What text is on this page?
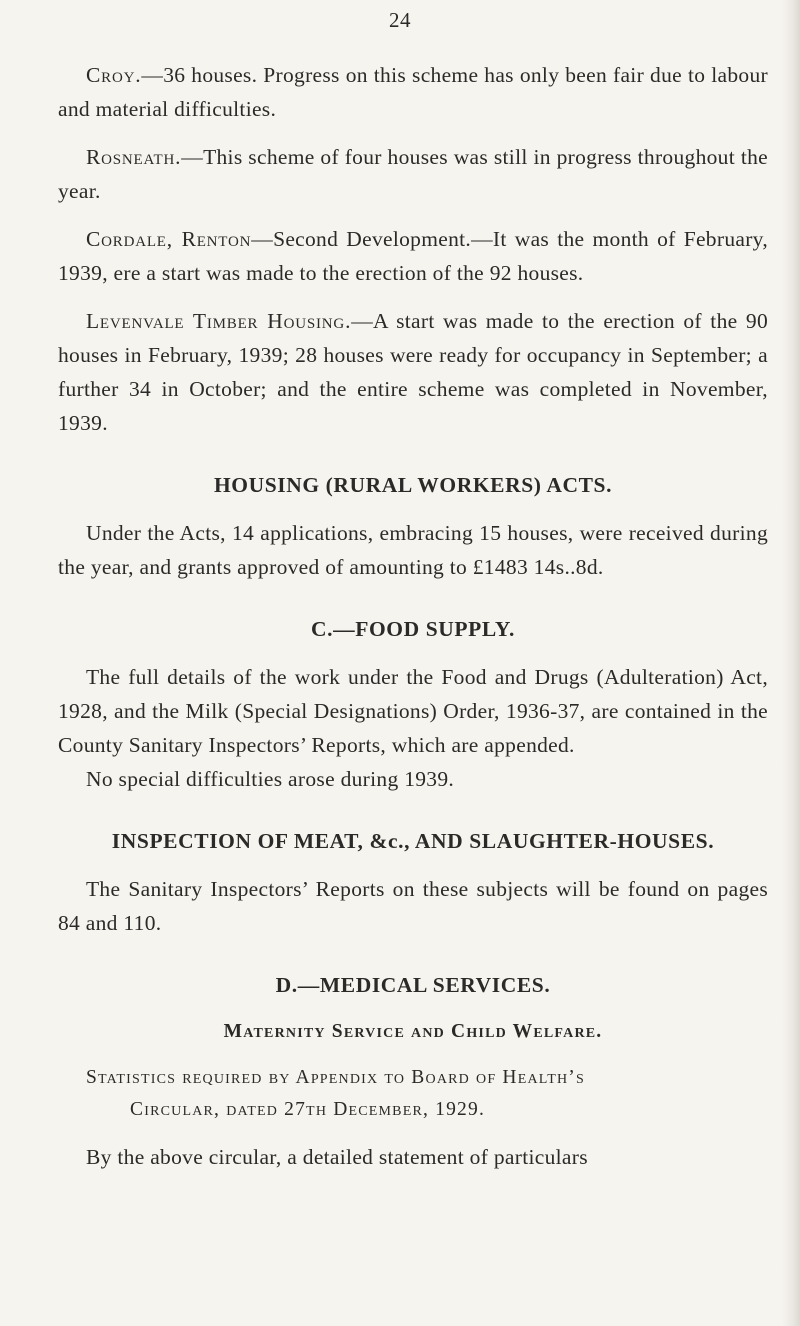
24

Croy.—36 houses. Progress on this scheme has only been fair due to labour and material difficulties.

Rosneath.—This scheme of four houses was still in progress throughout the year.

Cordale, Renton—Second Development.—It was the month of February, 1939, ere a start was made to the erection of the 92 houses.

Levenvale Timber Housing.—A start was made to the erection of the 90 houses in February, 1939; 28 houses were ready for occupancy in September; a further 34 in October; and the entire scheme was completed in November, 1939.

HOUSING (RURAL WORKERS) ACTS.

Under the Acts, 14 applications, embracing 15 houses, were received during the year, and grants approved of amounting to £1483 14s..8d.

C.—FOOD SUPPLY.

The full details of the work under the Food and Drugs (Adulteration) Act, 1928, and the Milk (Special Designations) Order, 1936-37, are contained in the County Sanitary Inspectors’ Reports, which are appended.

No special difficulties arose during 1939.

INSPECTION OF MEAT, &c., AND SLAUGHTER-HOUSES.

The Sanitary Inspectors’ Reports on these subjects will be found on pages 84 and 110.

D.—MEDICAL SERVICES.
Maternity Service and Child Welfare.
Statistics required by Appendix to Board of Health’s
Circular, dated 27th December, 1929.

By the above circular, a detailed statement of particulars
